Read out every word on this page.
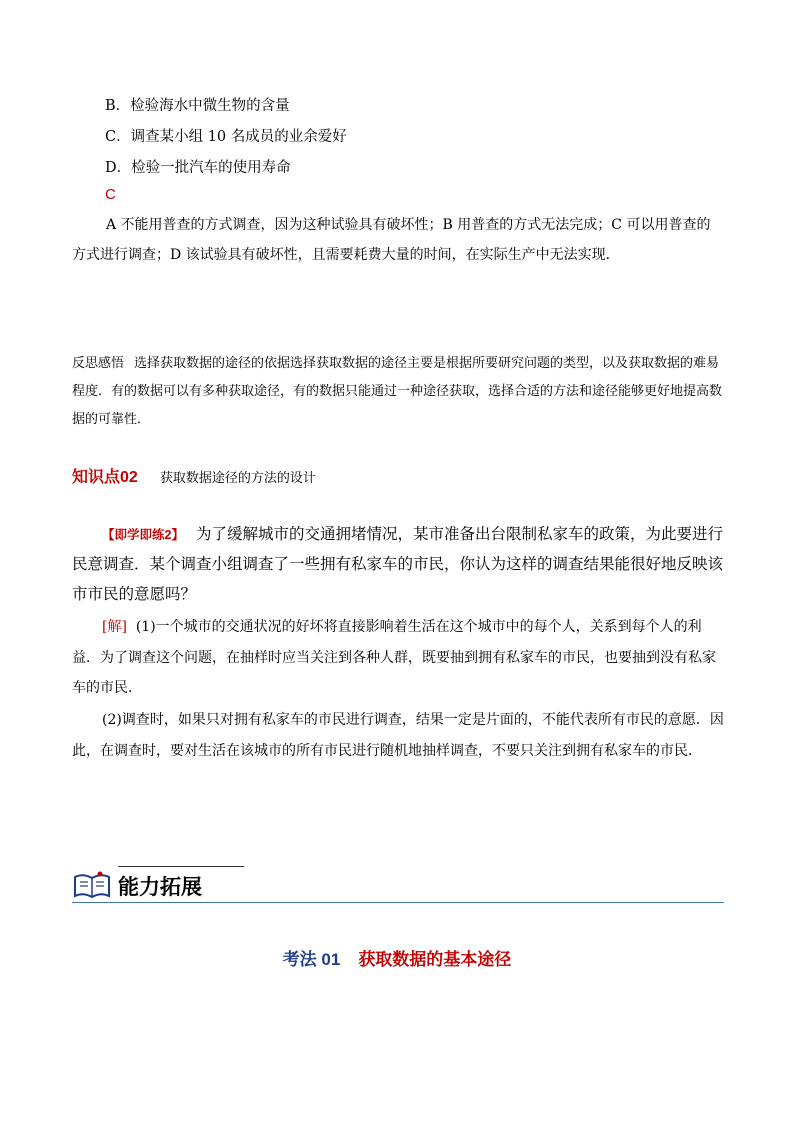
B．检验海水中微生物的含量
C．调查某小组 10 名成员的业余爱好
D．检验一批汽车的使用寿命
C

A 不能用普查的方式调查，因为这种试验具有破坏性；B 用普查的方式无法完成；C 可以用普查的方式进行调查；D 该试验具有破坏性，且需要耗费大量的时间，在实际生产中无法实现．

反思感悟 选择获取数据的途径的依据选择获取数据的途径主要是根据所要研究问题的类型，以及获取数据的难易程度．有的数据可以有多种获取途径，有的数据只能通过一种途径获取，选择合适的方法和途径能够更好地提高数据的可靠性．

知识点02 获取数据途径的方法的设计

【即学即练2】 为了缓解城市的交通拥堵情况，某市准备出台限制私家车的政策，为此要进行民意调查．某个调查小组调查了一些拥有私家车的市民，你认为这样的调查结果能很好地反映该市市民的意愿吗？

[解] (1)一个城市的交通状况的好坏将直接影响着生活在这个城市中的每个人，关系到每个人的利益．为了调查这个问题，在抽样时应当关注到各种人群，既要抽到拥有私家车的市民，也要抽到没有私家车的市民．

(2)调查时，如果只对拥有私家车的市民进行调查，结果一定是片面的，不能代表所有市民的意愿．因此，在调查时，要对生活在该城市的所有市民进行随机地抽样调查，不要只关注到拥有私家车的市民．

能力拓展
考法 01 获取数据的基本途径
